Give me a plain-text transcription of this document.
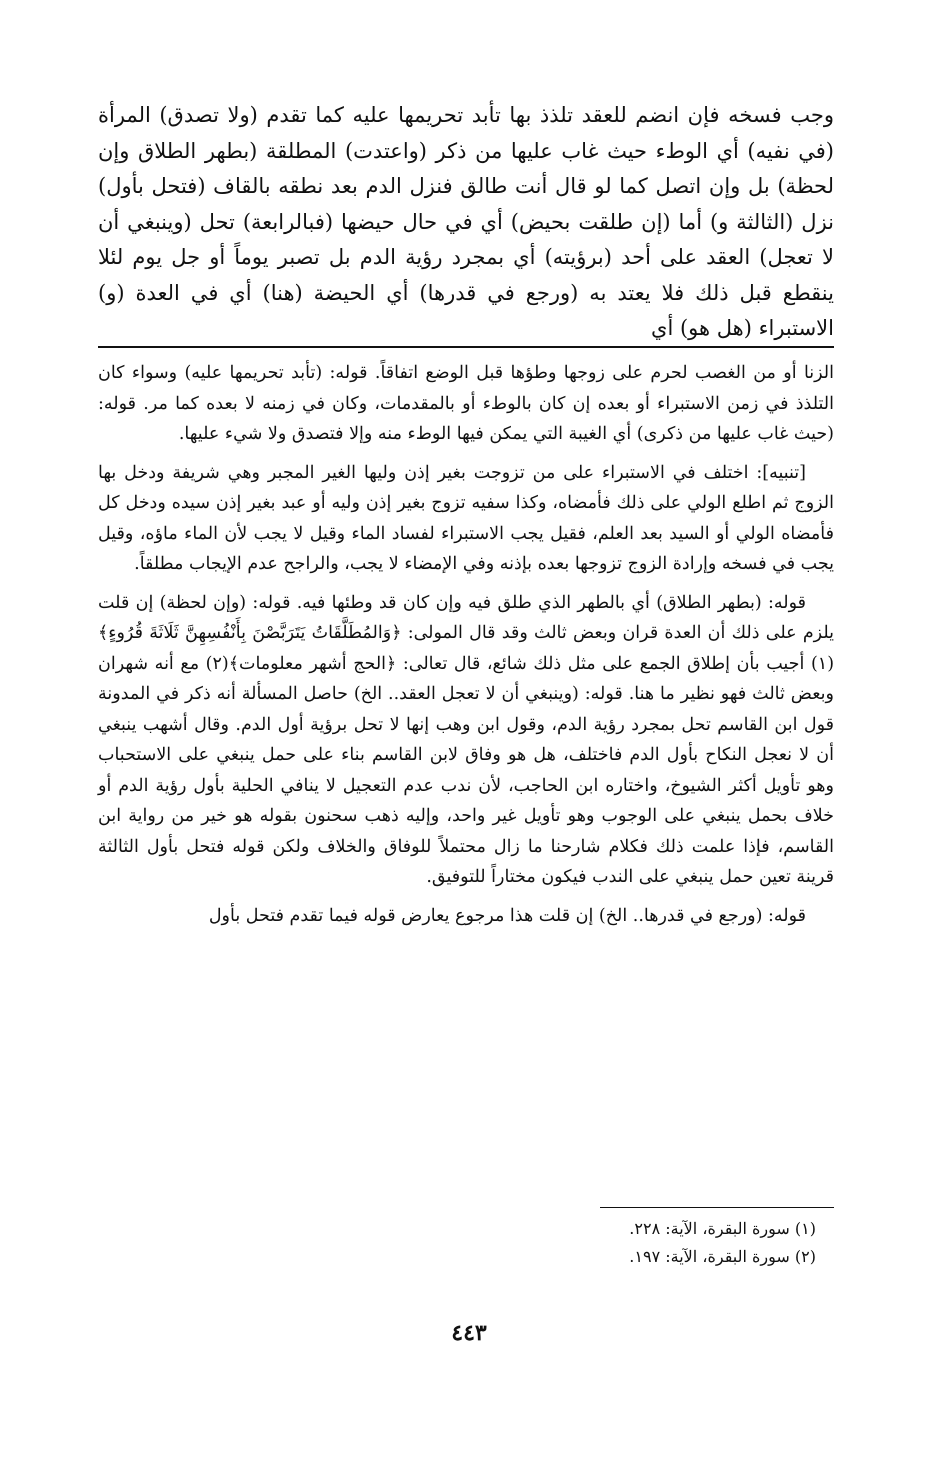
وجب فسخه فإن انضم للعقد تلذذ بها تأبد تحريمها عليه كما تقدم (ولا تصدق) المرأة (في نفيه) أي الوطء حيث غاب عليها من ذكر (واعتدت) المطلقة (بطهر الطلاق وإن لحظة) بل وإن اتصل كما لو قال أنت طالق فنزل الدم بعد نطقه بالقاف (فتحل بأول) نزل (الثالثة و) أما (إن طلقت بحيض) أي في حال حيضها (فبالرابعة) تحل (وينبغي أن لا تعجل) العقد على أحد (برؤيته) أي بمجرد رؤية الدم بل تصبر يوماً أو جل يوم لئلا ينقطع قبل ذلك فلا يعتد به (ورجع في قدرها) أي الحيضة (هنا) أي في العدة (و) الاستبراء (هل هو) أي

الزنا أو من الغصب لحرم على زوجها وطؤها قبل الوضع اتفاقاً. قوله: (تأبد تحريمها عليه) وسواء كان التلذذ في زمن الاستبراء أو بعده إن كان بالوطء أو بالمقدمات، وكان في زمنه لا بعده كما مر. قوله: (حيث غاب عليها من ذكرى) أي الغيبة التي يمكن فيها الوطء منه وإلا فتصدق ولا شيء عليها.

[تنبيه]: اختلف في الاستبراء على من تزوجت بغير إذن وليها الغير المجبر وهي شريفة ودخل بها الزوج ثم اطلع الولي على ذلك فأمضاه، وكذا سفيه تزوج بغير إذن وليه أو عبد بغير إذن سيده ودخل كل فأمضاه الولي أو السيد بعد العلم، فقيل يجب الاستبراء لفساد الماء وقيل لا يجب لأن الماء ماؤه، وقيل يجب في فسخه وإرادة الزوج تزوجها بعده بإذنه وفي الإمضاء لا يجب، والراجح عدم الإيجاب مطلقاً.

قوله: (بطهر الطلاق) أي بالطهر الذي طلق فيه وإن كان قد وطئها فيه. قوله: (وإن لحظة) إن قلت يلزم على ذلك أن العدة قران وبعض ثالث وقد قال المولى: ﴿وَالمُطَلَّقَاتُ يَتَرَبَّصْنَ بِأَنْفُسِهِنَّ ثَلَاثَةَ قُرُوءٍ﴾(١) أجيب بأن إطلاق الجمع على مثل ذلك شائع، قال تعالى: ﴿الحج أشهر معلومات﴾(٢) مع أنه شهران وبعض ثالث فهو نظير ما هنا. قوله: (وينبغي أن لا تعجل العقد.. الخ) حاصل المسألة أنه ذكر في المدونة قول ابن القاسم تحل بمجرد رؤية الدم، وقول ابن وهب إنها لا تحل برؤية أول الدم. وقال أشهب ينبغي أن لا نعجل النكاح بأول الدم فاختلف، هل هو وفاق لابن القاسم بناء على حمل ينبغي على الاستحباب وهو تأويل أكثر الشيوخ، واختاره ابن الحاجب، لأن ندب عدم التعجيل لا ينافي الحلية بأول رؤية الدم أو خلاف بحمل ينبغي على الوجوب وهو تأويل غير واحد، وإليه ذهب سحنون بقوله هو خير من رواية ابن القاسم، فإذا علمت ذلك فكلام شارحنا ما زال محتملاً للوفاق والخلاف ولكن قوله فتحل بأول الثالثة قرينة تعين حمل ينبغي على الندب فيكون مختاراً للتوفيق.

قوله: (ورجع في قدرها.. الخ) إن قلت هذا مرجوع يعارض قوله فيما تقدم فتحل بأول

(١) سورة البقرة، الآية: ٢٢٨.
(٢) سورة البقرة، الآية: ١٩٧.
٤٤٣
